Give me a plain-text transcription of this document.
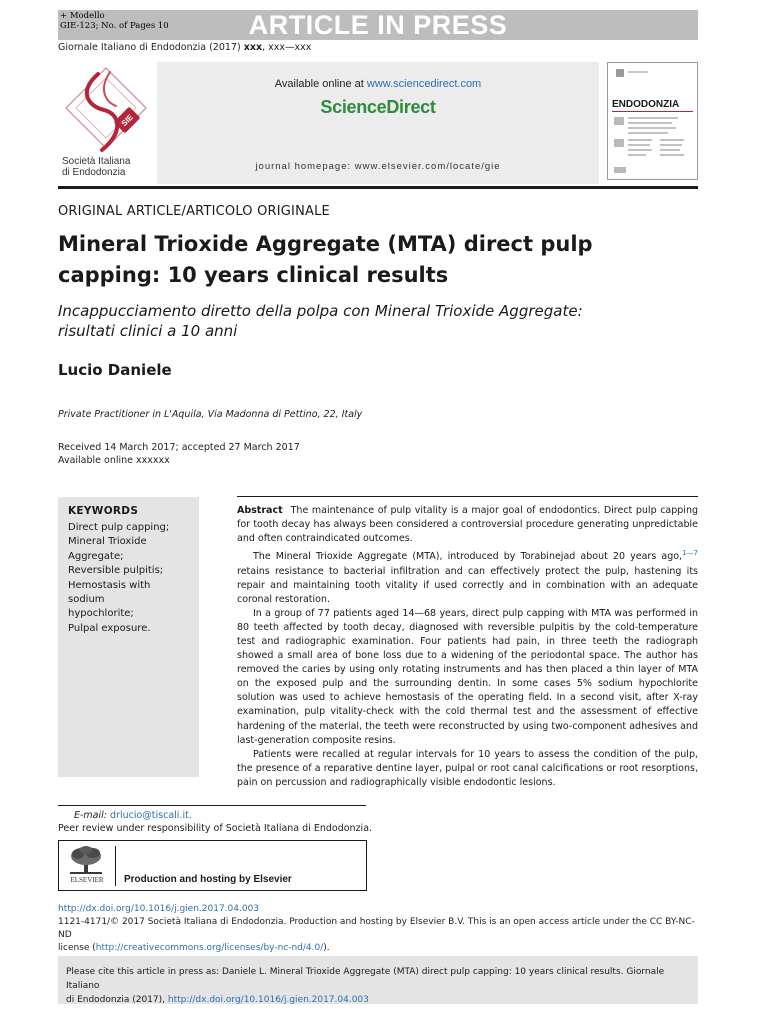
+ Modello
GIE-123; No. of Pages 10	ARTICLE IN PRESS
Giornale Italiano di Endodonzia (2017) xxx, xxx—xxx
SIE
Società Italiana
di Endodonzia
Available online at www.sciencedirect.com
ScienceDirect
journal homepage: www.elsevier.com/locate/gie
ENDODONZIA
ORIGINAL ARTICLE/ARTICOLO ORIGINALE
Mineral Trioxide Aggregate (MTA) direct pulp
capping: 10 years clinical results
Incappucciamento diretto della polpa con Mineral Trioxide Aggregate:
risultati clinici a 10 anni
Lucio Daniele
Private Practitioner in L'Aquila, Via Madonna di Pettino, 22, Italy
Received 14 March 2017; accepted 27 March 2017
Available online xxxxxx
KEYWORDS
Direct pulp capping;
Mineral Trioxide
Aggregate;
Reversible pulpitis;
Hemostasis with sodium
hypochlorite;
Pulpal exposure.

Abstract The maintenance of pulp vitality is a major goal of endodontics. Direct pulp capping for tooth decay has always been considered a controversial procedure generating unpredictable and often contraindicated outcomes.

The Mineral Trioxide Aggregate (MTA), introduced by Torabinejad about 20 years ago,$^{1—7}$ retains resistance to bacterial infiltration and can effectively protect the pulp, hastening its repair and maintaining tooth vitality if used correctly and in combination with an adequate coronal restoration.

In a group of 77 patients aged 14—68 years, direct pulp capping with MTA was performed in 80 teeth affected by tooth decay, diagnosed with reversible pulpitis by the cold-temperature test and radiographic examination. Four patients had pain, in three teeth the radiograph showed a small area of bone loss due to a widening of the periodontal space. The author has removed the caries by using only rotating instruments and has then placed a thin layer of MTA on the exposed pulp and the surrounding dentin. In some cases 5% sodium hypochlorite solution was used to achieve hemostasis of the operating field. In a second visit, after X-ray examination, pulp vitality-check with the cold thermal test and the assessment of effective hardening of the material, the teeth were reconstructed by using two-component adhesives and last-generation composite resins.

Patients were recalled at regular intervals for 10 years to assess the condition of the pulp, the presence of a reparative dentine layer, pulpal or root canal calcifications or root resorptions, pain on percussion and radiographically visible endodontic lesions.

E-mail: drlucio@tiscali.it.
Peer review under responsibility of Società Italiana di Endodonzia.
ELSEVIER	Production and hosting by Elsevier
http://dx.doi.org/10.1016/j.gien.2017.04.003
1121-4171/© 2017 Società Italiana di Endodonzia. Production and hosting by Elsevier B.V. This is an open access article under the CC BY-NC-ND
license (http://creativecommons.org/licenses/by-nc-nd/4.0/).
Please cite this article in press as: Daniele L. Mineral Trioxide Aggregate (MTA) direct pulp capping: 10 years clinical results. Giornale Italiano
di Endodonzia (2017), http://dx.doi.org/10.1016/j.gien.2017.04.003
